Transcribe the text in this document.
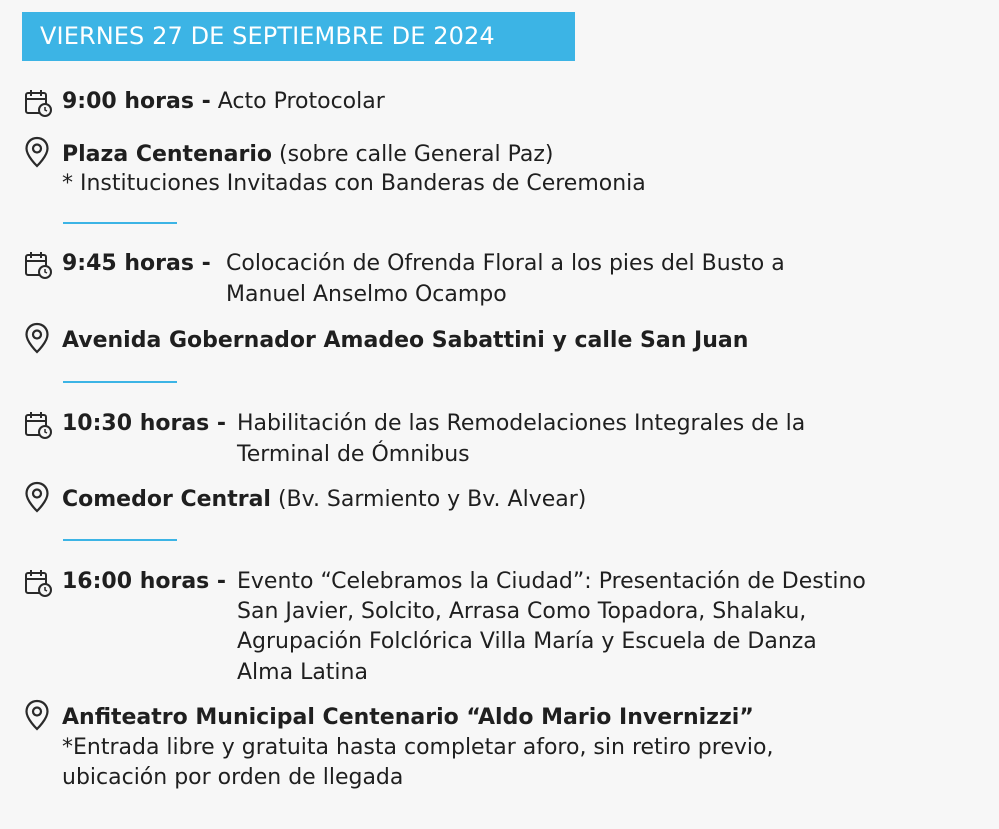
VIERNES 27 DE SEPTIEMBRE DE 2024
9:00 horas - Acto Protocolar
Plaza Centenario (sobre calle General Paz)
* Instituciones Invitadas con Banderas de Ceremonia
9:45 horas - Colocación de Ofrenda Floral a los pies del Busto a
Manuel Anselmo Ocampo
Avenida Gobernador Amadeo Sabattini y calle San Juan
10:30 horas - Habilitación de las Remodelaciones Integrales de la
Terminal de Ómnibus
Comedor Central (Bv. Sarmiento y Bv. Alvear)
16:00 horas - Evento “Celebramos la Ciudad”: Presentación de Destino
San Javier, Solcito, Arrasa Como Topadora, Shalaku,
Agrupación Folclórica Villa María y Escuela de Danza
Alma Latina
Anfiteatro Municipal Centenario “Aldo Mario Invernizzi”
*Entrada libre y gratuita hasta completar aforo, sin retiro previo,
ubicación por orden de llegada
